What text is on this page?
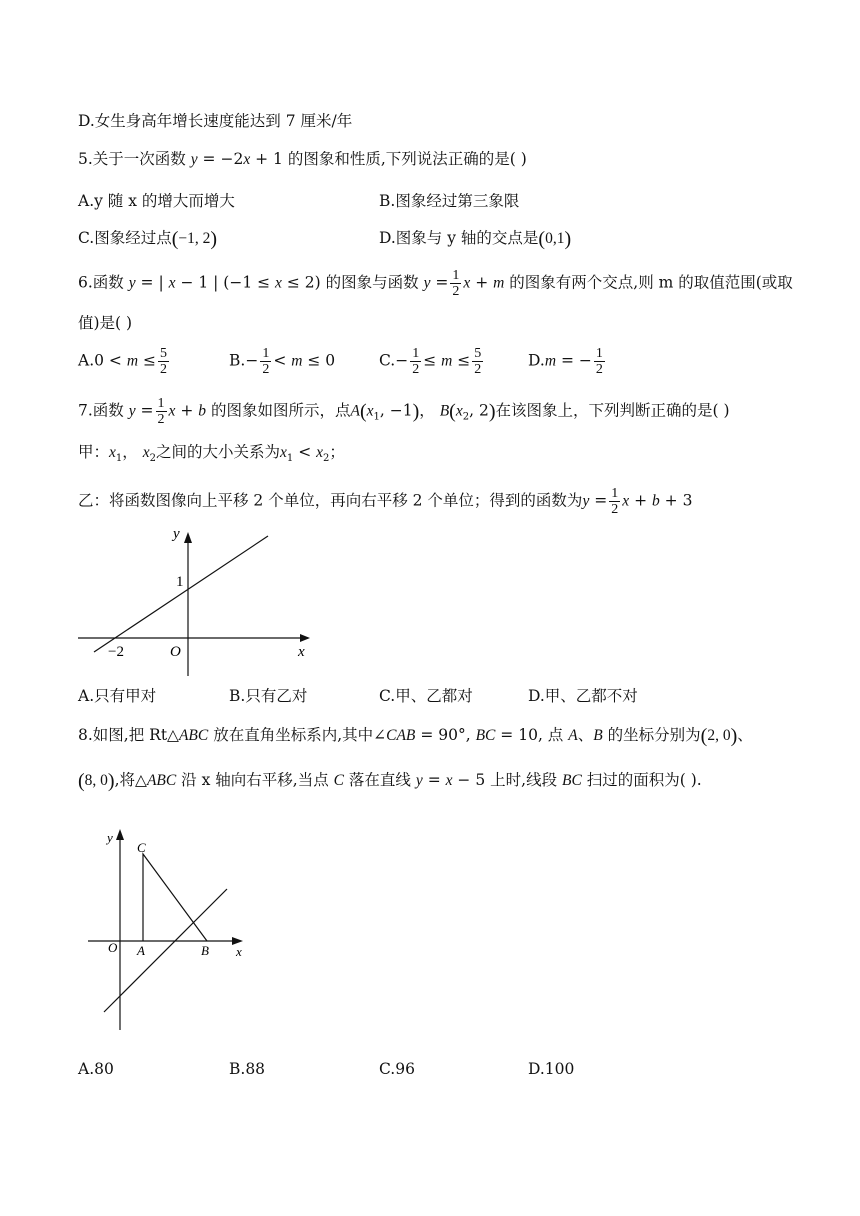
D.女生身高年增长速度能达到 7 厘米/年
5.关于一次函数 y = −2x + 1 的图象和性质,下列说法正确的是( )
A.y 随 x 的增大而增大	B.图象经过第三象限
C.图象经过点(−1, 2)	D.图象与 y 轴的交点是(0,1)
6.函数 y = | x − 1 | (−1 ≤ x ≤ 2) 的图象与函数 $y = \frac{1}{2}$ x + m 的图象有两个交点,则 m 的取值范围(或取
值)是( )
$A.0 < m \le \frac{5}{2}$	$B.- \frac{1}{2} < m \le 0$	$C.- \frac{1}{2} \le m \le \frac{5}{2}$	D.m = − $\frac{1}{2}$
7.函数 $y = \frac{1}{2}$ x + b 的图象如图所示，点$A(x_1$, −1)， $B(x_2$, 2)在该图象上，下列判断正确的是( )
甲：$x_1$， $x_2$之间的大小关系为$x_1 < x_2$；
乙：将函数图像向上平移 2 个单位，再向右平移 2 个单位；得到的函数为$y = \frac{1}{2}$ x + b + 3
y
x
O
1
−2
A.只有甲对	B.只有乙对	C.甲、乙都对	D.甲、乙都不对
8.如图,把 Rt△ABC 放在直角坐标系内,其中∠CAB = 90°, BC = 10, 点 A、B 的坐标分别为(2, 0)、
(8, 0),将△ABC 沿 x 轴向右平移,当点 C 落在直线 y = x − 5 上时,线段 BC 扫过的面积为( ).
y
x
O A	B
C
A.80	B.88	C.96	D.100
